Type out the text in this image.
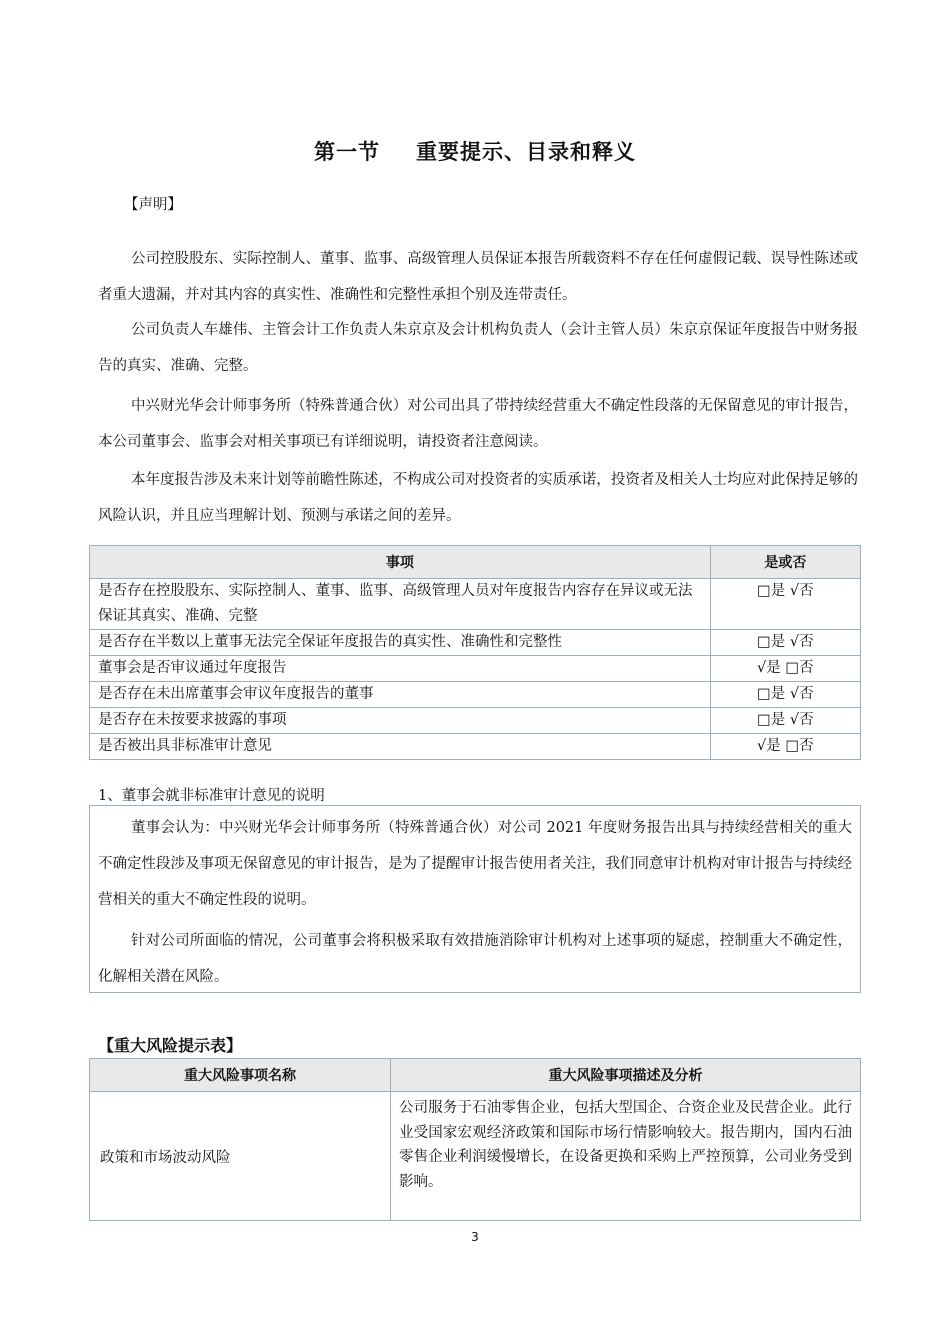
第一节 重要提示、目录和释义
【声明】

公司控股股东、实际控制人、董事、监事、高级管理人员保证本报告所载资料不存在任何虚假记载、误导性陈述或者重大遗漏，并对其内容的真实性、准确性和完整性承担个别及连带责任。

公司负责人车雄伟、主管会计工作负责人朱京京及会计机构负责人（会计主管人员）朱京京保证年度报告中财务报告的真实、准确、完整。

中兴财光华会计师事务所（特殊普通合伙）对公司出具了带持续经营重大不确定性段落的无保留意见的审计报告，本公司董事会、监事会对相关事项已有详细说明，请投资者注意阅读。

本年度报告涉及未来计划等前瞻性陈述，不构成公司对投资者的实质承诺，投资者及相关人士均应对此保持足够的风险认识，并且应当理解计划、预测与承诺之间的差异。

事项	是或否
是否存在控股股东、实际控制人、董事、监事、高级管理人员对年度报告内容存在异议或无法保证其真实、准确、完整	□是 √否
是否存在半数以上董事无法完全保证年度报告的真实性、准确性和完整性	□是 √否
董事会是否审议通过年度报告	√是 □否
是否存在未出席董事会审议年度报告的董事	□是 √否
是否存在未按要求披露的事项	□是 √否
是否被出具非标准审计意见	√是 □否
1、董事会就非标准审计意见的说明

董事会认为：中兴财光华会计师事务所（特殊普通合伙）对公司 2021 年度财务报告出具与持续经营相关的重大不确定性段涉及事项无保留意见的审计报告，是为了提醒审计报告使用者关注，我们同意审计机构对审计报告与持续经营相关的重大不确定性段的说明。

针对公司所面临的情况，公司董事会将积极采取有效措施消除审计机构对上述事项的疑虑，控制重大不确定性，化解相关潜在风险。

【重大风险提示表】
重大风险事项名称	重大风险事项描述及分析
政策和市场波动风险	公司服务于石油零售企业，包括大型国企、合资企业及民营企业。此行业受国家宏观经济政策和国际市场行情影响较大。报告期内，国内石油零售企业利润缓慢增长，在设备更换和采购上严控预算，公司业务受到影响。
3
